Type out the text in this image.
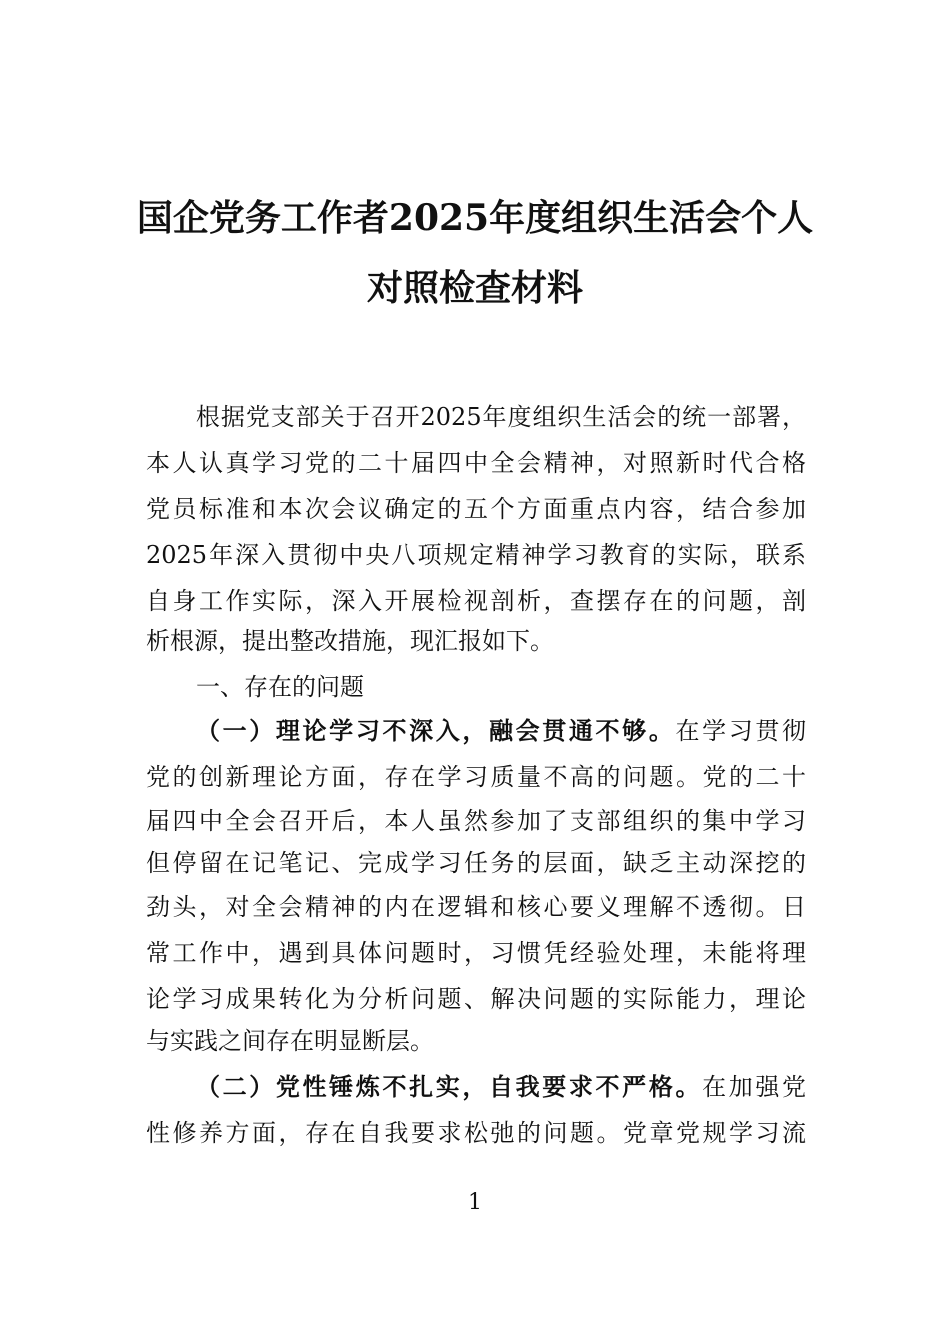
国企党务工作者2025年度组织生活会个人
对照检查材料
　　根据党支部关于召开2025年度组织生活会的统一部署，
本人认真学习党的二十届四中全会精神，对照新时代合格
党员标准和本次会议确定的五个方面重点内容，结合参加
2025年深入贯彻中央八项规定精神学习教育的实际，联系
自身工作实际，深入开展检视剖析，查摆存在的问题，剖
析根源，提出整改措施，现汇报如下。
一、存在的问题
（一）理论学习不深入，融会贯通不够。在学习贯彻
党的创新理论方面，存在学习质量不高的问题。党的二十
届四中全会召开后，本人虽然参加了支部组织的集中学习
但停留在记笔记、完成学习任务的层面，缺乏主动深挖的
劲头，对全会精神的内在逻辑和核心要义理解不透彻。日
常工作中，遇到具体问题时，习惯凭经验处理，未能将理
论学习成果转化为分析问题、解决问题的实际能力，理论
与实践之间存在明显断层。
（二）党性锤炼不扎实，自我要求不严格。在加强党
性修养方面，存在自我要求松弛的问题。党章党规学习流
1
